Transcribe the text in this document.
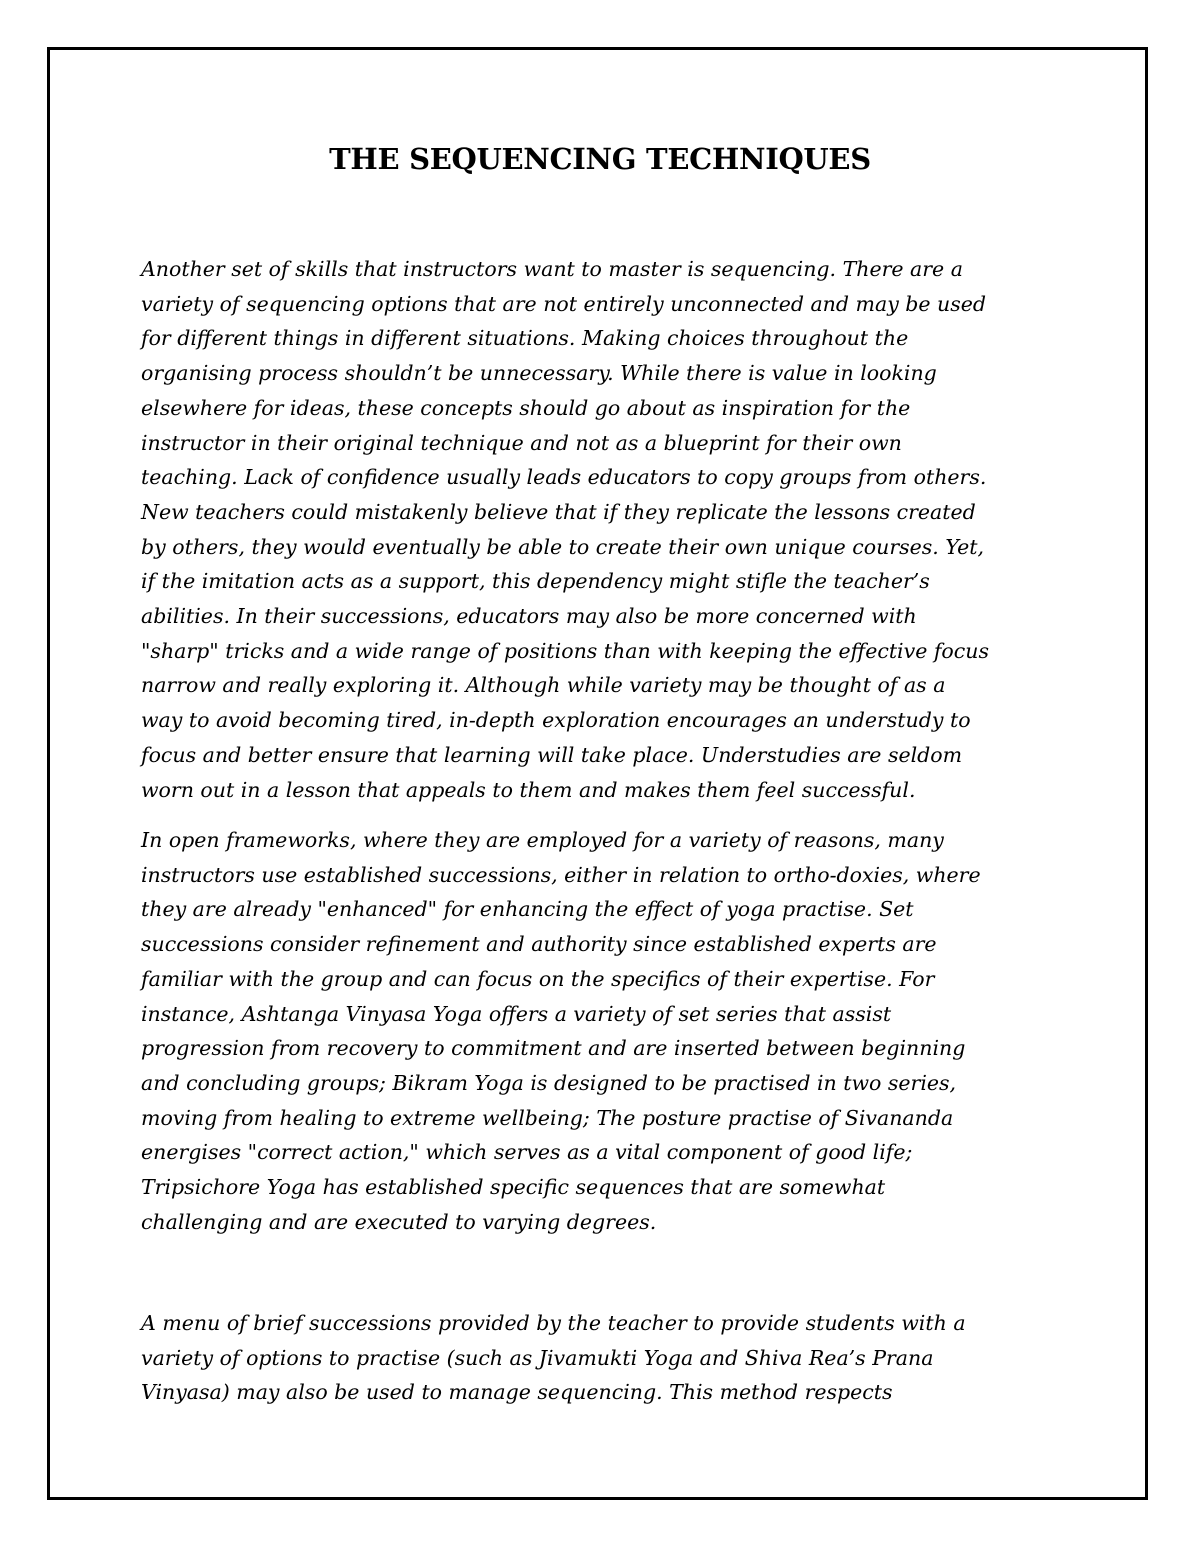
THE SEQUENCING TECHNIQUES

Another set of skills that instructors want to master is sequencing. There are a
variety of sequencing options that are not entirely unconnected and may be used
for different things in different situations. Making choices throughout the
organising process shouldn’t be unnecessary. While there is value in looking
elsewhere for ideas, these concepts should go about as inspiration for the
instructor in their original technique and not as a blueprint for their own
teaching. Lack of confidence usually leads educators to copy groups from others.
New teachers could mistakenly believe that if they replicate the lessons created
by others, they would eventually be able to create their own unique courses. Yet,
if the imitation acts as a support, this dependency might stifle the teacher’s
abilities. In their successions, educators may also be more concerned with
"sharp" tricks and a wide range of positions than with keeping the effective focus
narrow and really exploring it. Although while variety may be thought of as a
way to avoid becoming tired, in-depth exploration encourages an understudy to
focus and better ensure that learning will take place. Understudies are seldom
worn out in a lesson that appeals to them and makes them feel successful.

In open frameworks, where they are employed for a variety of reasons, many
instructors use established successions, either in relation to ortho-doxies, where
they are already "enhanced" for enhancing the effect of yoga practise. Set
successions consider refinement and authority since established experts are
familiar with the group and can focus on the specifics of their expertise. For
instance, Ashtanga Vinyasa Yoga offers a variety of set series that assist
progression from recovery to commitment and are inserted between beginning
and concluding groups; Bikram Yoga is designed to be practised in two series,
moving from healing to extreme wellbeing; The posture practise of Sivananda
energises "correct action," which serves as a vital component of good life;
Tripsichore Yoga has established specific sequences that are somewhat
challenging and are executed to varying degrees.

A menu of brief successions provided by the teacher to provide students with a
variety of options to practise (such as Jivamukti Yoga and Shiva Rea’s Prana
Vinyasa) may also be used to manage sequencing. This method respects
